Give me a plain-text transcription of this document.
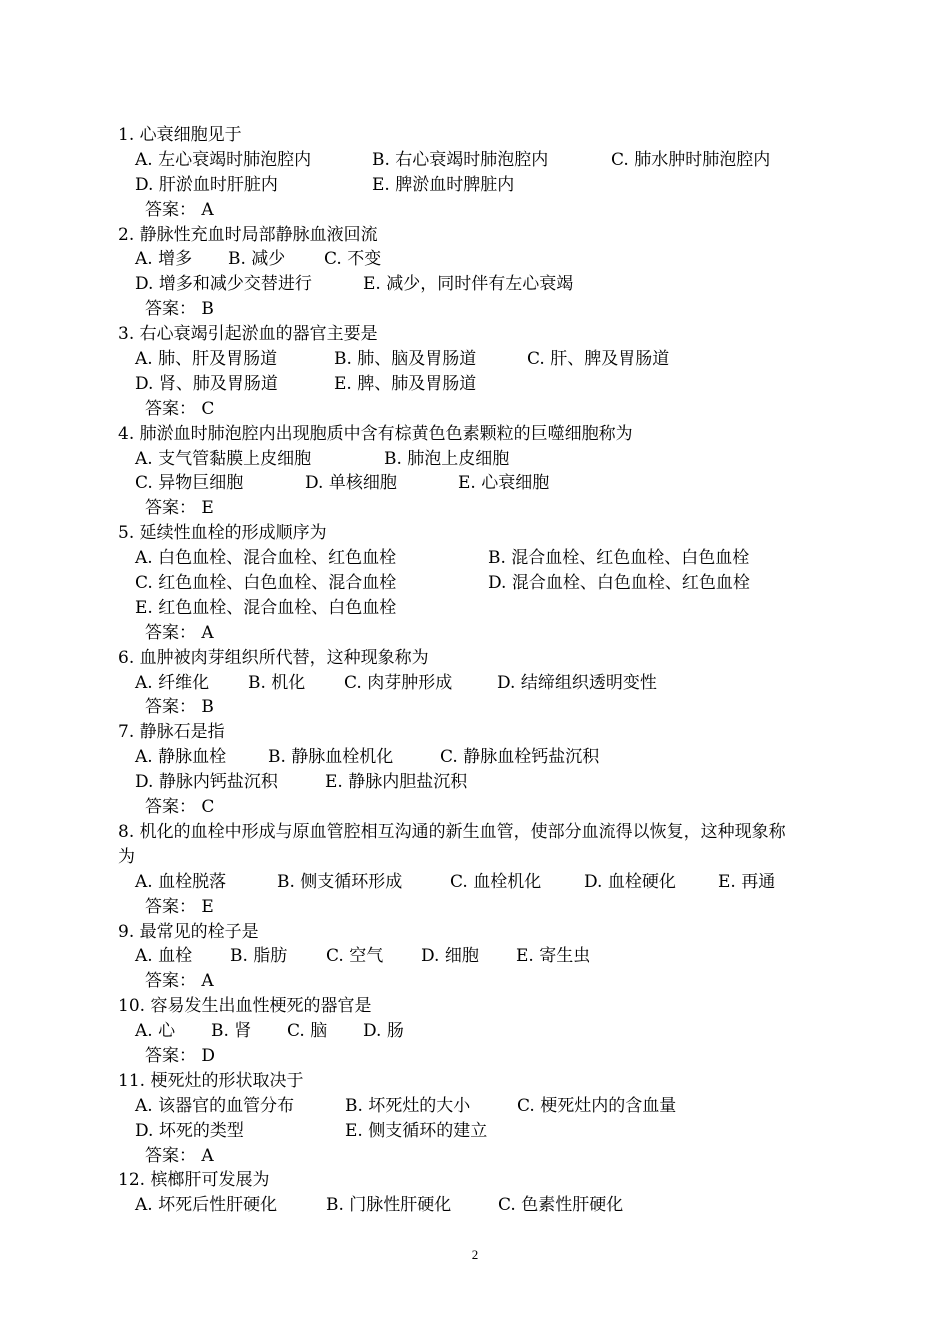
1. 心衰细胞见于
A. 左心衰竭时肺泡腔内	B. 右心衰竭时肺泡腔内	C. 肺水肿时肺泡腔内
D. 肝淤血时肝脏内	E. 脾淤血时脾脏内
答案： A
2. 静脉性充血时局部静脉血液回流
A. 增多 B. 减少 C. 不变
D. 增多和减少交替进行	E. 减少，同时伴有左心衰竭
答案： B
3. 右心衰竭引起淤血的器官主要是
A. 肺、肝及胃肠道	B. 肺、脑及胃肠道	C. 肝、脾及胃肠道
D. 肾、肺及胃肠道	E. 脾、肺及胃肠道
答案： C
4. 肺淤血时肺泡腔内出现胞质中含有棕黄色色素颗粒的巨噬细胞称为
A. 支气管黏膜上皮细胞	B. 肺泡上皮细胞
C. 异物巨细胞	D. 单核细胞	E. 心衰细胞
答案： E
5. 延续性血栓的形成顺序为
A. 白色血栓、混合血栓、红色血栓	B. 混合血栓、红色血栓、白色血栓
C. 红色血栓、白色血栓、混合血栓	D. 混合血栓、白色血栓、红色血栓
E. 红色血栓、混合血栓、白色血栓
答案： A
6. 血肿被肉芽组织所代替，这种现象称为
A. 纤维化 B. 机化 C. 肉芽肿形成	D. 结缔组织透明变性
答案： B
7. 静脉石是指
A. 静脉血栓 B. 静脉血栓机化	C. 静脉血栓钙盐沉积
D. 静脉内钙盐沉积	E. 静脉内胆盐沉积
答案： C
8. 机化的血栓中形成与原血管腔相互沟通的新生血管，使部分血流得以恢复，这种现象称
为
A. 血栓脱落	B. 侧支循环形成	C. 血栓机化	D. 血栓硬化 E. 再通
答案： E
9. 最常见的栓子是
A. 血栓 B. 脂肪 C. 空气 D. 细胞 E. 寄生虫
答案： A
10. 容易发生出血性梗死的器官是
A. 心 B. 肾 C. 脑 D. 肠
答案： D
11. 梗死灶的形状取决于
A. 该器官的血管分布	B. 坏死灶的大小	C. 梗死灶内的含血量
D. 坏死的类型	E. 侧支循环的建立
答案： A
12. 槟榔肝可发展为
A. 坏死后性肝硬化	B. 门脉性肝硬化	C. 色素性肝硬化
2
